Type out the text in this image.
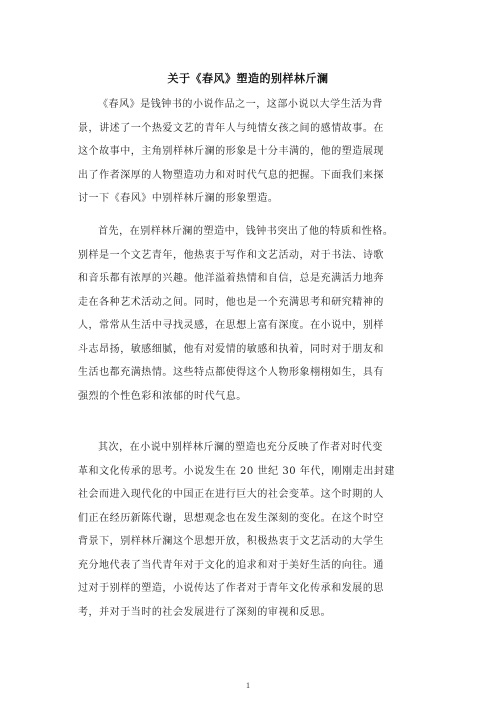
关于《春风》塑造的别样林斤澜
《春风》是钱钟书的小说作品之一，这部小说以大学生活为背
景，讲述了一个热爱文艺的青年人与纯情女孩之间的感情故事。在
这个故事中，主角别样林斤澜的形象是十分丰满的，他的塑造展现
出了作者深厚的人物塑造功力和对时代气息的把握。下面我们来探
讨一下《春风》中别样林斤澜的形象塑造。
首先，在别样林斤澜的塑造中，钱钟书突出了他的特质和性格。
别样是一个文艺青年，他热衷于写作和文艺活动，对于书法、诗歌
和音乐都有浓厚的兴趣。他洋溢着热情和自信，总是充满活力地奔
走在各种艺术活动之间。同时，他也是一个充满思考和研究精神的
人，常常从生活中寻找灵感，在思想上富有深度。在小说中，别样
斗志昂扬，敏感细腻，他有对爱情的敏感和执着，同时对于朋友和
生活也都充满热情。这些特点都使得这个人物形象栩栩如生，具有
强烈的个性色彩和浓郁的时代气息。
其次，在小说中别样林斤澜的塑造也充分反映了作者对时代变
革和文化传承的思考。小说发生在 20 世纪 30 年代，刚刚走出封建
社会而进入现代化的中国正在进行巨大的社会变革。这个时期的人
们正在经历新陈代谢，思想观念也在发生深刻的变化。在这个时空
背景下，别样林斤澜这个思想开放，积极热衷于文艺活动的大学生
充分地代表了当代青年对于文化的追求和对于美好生活的向往。通
过对于别样的塑造，小说传达了作者对于青年文化传承和发展的思
考，并对于当时的社会发展进行了深刻的审视和反思。
1
